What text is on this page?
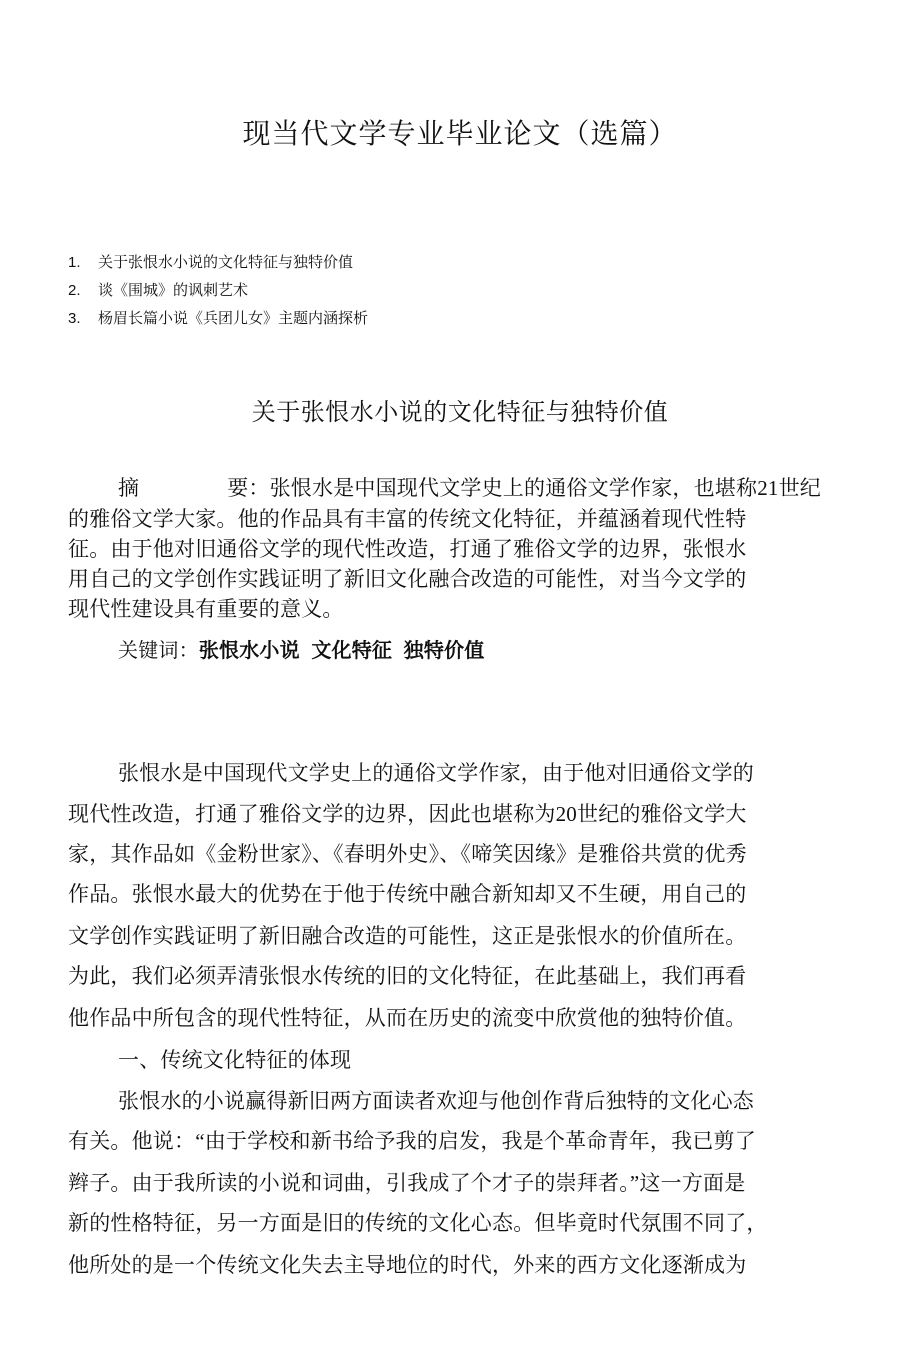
现当代文学专业毕业论文（选篇）
1. 关于张恨水小说的文化特征与独特价值
2. 谈《围城》的讽刺艺术
3. 杨眉长篇小说《兵团儿女》主题内涵探析
关于张恨水小说的文化特征与独特价值
摘	要：张恨水是中国现代文学史上的通俗文学作家，也堪称21世纪
的雅俗文学大家。他的作品具有丰富的传统文化特征，并蕴涵着现代性特
征。由于他对旧通俗文学的现代性改造，打通了雅俗文学的边界，张恨水
用自己的文学创作实践证明了新旧文化融合改造的可能性，对当今文学的
现代性建设具有重要的意义。
关键词：张恨水小说  文化特征  独特价值
张恨水是中国现代文学史上的通俗文学作家，由于他对旧通俗文学的
现代性改造，打通了雅俗文学的边界，因此也堪称为20世纪的雅俗文学大
家，其作品如《金粉世家》、《春明外史》、《啼笑因缘》是雅俗共赏的优秀
作品。张恨水最大的优势在于他于传统中融合新知却又不生硬，用自己的
文学创作实践证明了新旧融合改造的可能性，这正是张恨水的价值所在。
为此，我们必须弄清张恨水传统的旧的文化特征，在此基础上，我们再看
他作品中所包含的现代性特征，从而在历史的流变中欣赏他的独特价值。
一、传统文化特征的体现
张恨水的小说赢得新旧两方面读者欢迎与他创作背后独特的文化心态
有关。他说：“由于学校和新书给予我的启发，我是个革命青年，我已剪了
辫子。由于我所读的小说和词曲，引我成了个才子的崇拜者。”这一方面是
新的性格特征，另一方面是旧的传统的文化心态。但毕竟时代氛围不同了，
他所处的是一个传统文化失去主导地位的时代，外来的西方文化逐渐成为
